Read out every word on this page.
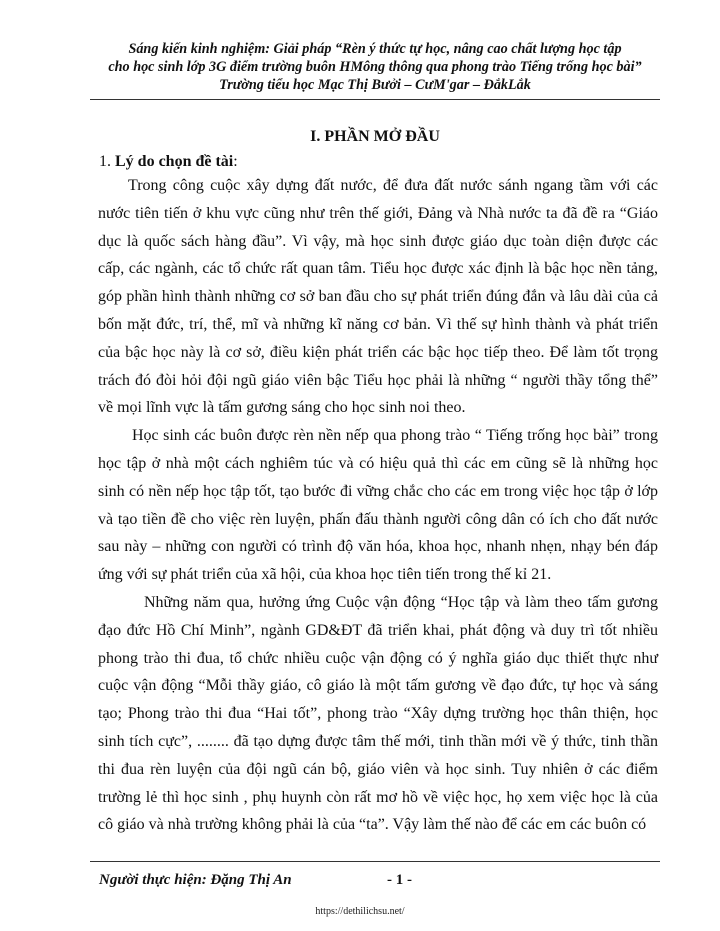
Sáng kiến kinh nghiệm: Giải pháp “Rèn ý thức tự học, nâng cao chất lượng học tập
cho học sinh lớp 3G điểm trường buôn HMông thông qua phong trào Tiếng trống học bài”
Trường tiểu học Mạc Thị Bưởi – CưM'gar – ĐắkLắk
I. PHẦN MỞ ĐẦU
1. Lý do chọn đề tài:

Trong công cuộc xây dựng đất nước, để đưa đất nước sánh ngang tầm với các nước tiên tiến ở khu vực cũng như trên thế giới, Đảng và Nhà nước ta đã đề ra “Giáo dục là quốc sách hàng đầu”. Vì vậy, mà học sinh được giáo dục toàn diện được các cấp, các ngành, các tổ chức rất quan tâm. Tiểu học được xác định là bậc học nền tảng, góp phần hình thành những cơ sở ban đầu cho sự phát triển đúng đắn và lâu dài của cả bốn mặt đức, trí, thể, mĩ và những kĩ năng cơ bản. Vì thế sự hình thành và phát triển của bậc học này là cơ sở, điều kiện phát triển các bậc học tiếp theo. Để làm tốt trọng trách đó đòi hỏi đội ngũ giáo viên bậc Tiểu học phải là những “ người thầy tổng thể” về mọi lĩnh vực là tấm gương sáng cho học sinh noi theo.

Học sinh các buôn được rèn nền nếp qua phong trào “ Tiếng trống học bài” trong học tập ở nhà một cách nghiêm túc và có hiệu quả thì các em cũng sẽ là những học sinh có nền nếp học tập tốt, tạo bước đi vững chắc cho các em trong việc học tập ở lớp và tạo tiền đề cho việc rèn luyện, phấn đấu thành người công dân có ích cho đất nước sau này – những con người có trình độ văn hóa, khoa học, nhanh nhẹn, nhạy bén đáp ứng với sự phát triển của xã hội, của khoa học tiên tiến trong thế kỉ 21.

Những năm qua, hưởng ứng Cuộc vận động “Học tập và làm theo tấm gương đạo đức Hồ Chí Minh”, ngành GD&ĐT đã triển khai, phát động và duy trì tốt nhiều phong trào thi đua, tổ chức nhiều cuộc vận động có ý nghĩa giáo dục thiết thực như cuộc vận động “Mỗi thầy giáo, cô giáo là một tấm gương về đạo đức, tự học và sáng tạo; Phong trào thi đua “Hai tốt”, phong trào “Xây dựng trường học thân thiện, học sinh tích cực”, ........ đã tạo dựng được tâm thế mới, tinh thần mới về ý thức, tinh thần thi đua rèn luyện của đội ngũ cán bộ, giáo viên và học sinh. Tuy nhiên ở các điểm trường lẻ thì học sinh , phụ huynh còn rất mơ hồ về việc học, họ xem việc học là của cô giáo và nhà trường không phải là của “ta”. Vậy làm thế nào để các em các buôn có

Người thực hiện: Đặng Thị An	- 1 -
https://dethilichsu.net/
